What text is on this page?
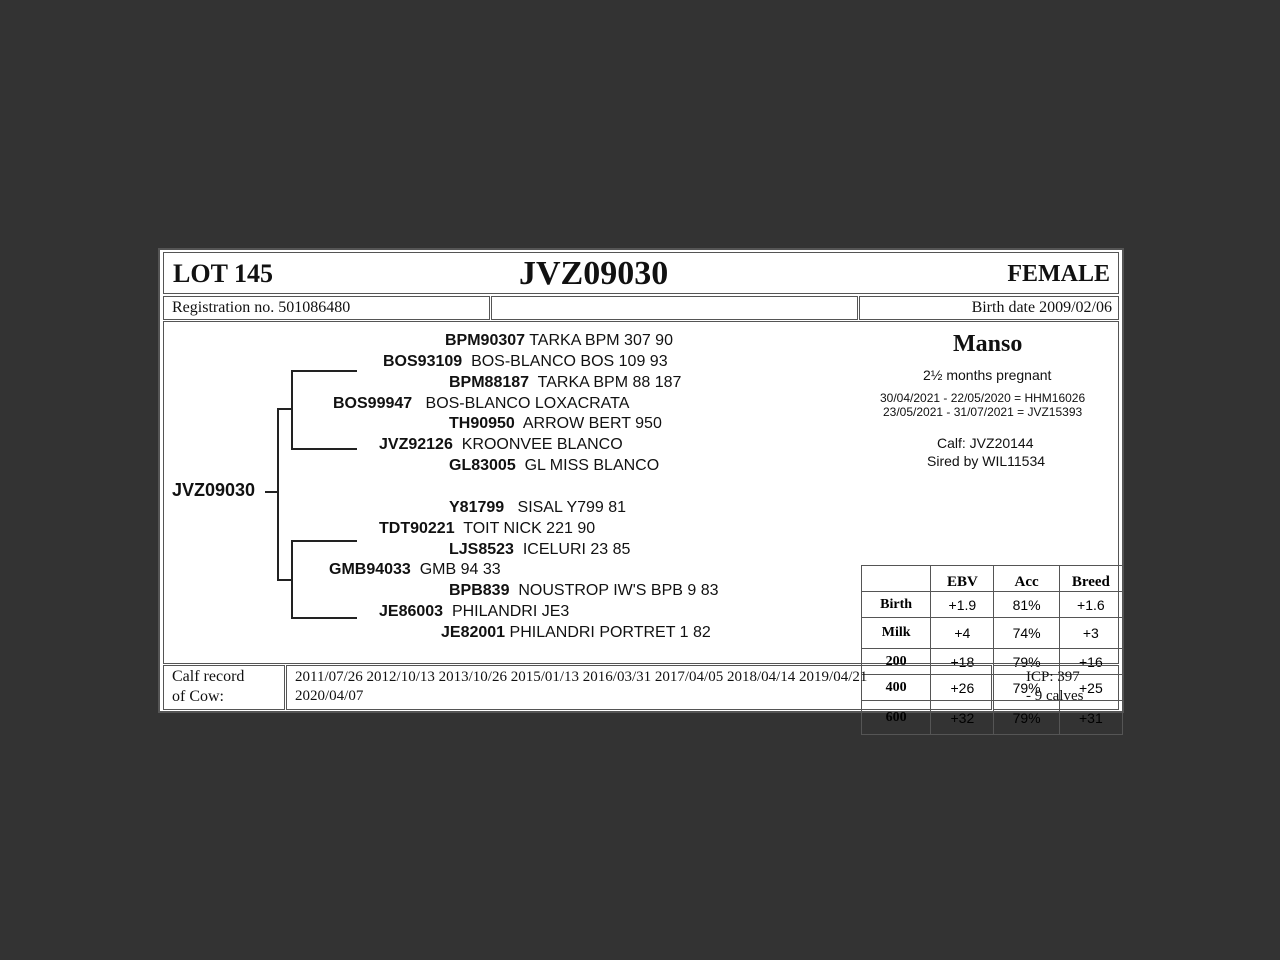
LOT 145	JVZ09030	FEMALE
Registration no. 501086480	Birth date 2009/02/06
JVZ09030
BPM90307 TARKA BPM 307 90
BOS93109 BOS-BLANCO BOS 109 93
BPM88187 TARKA BPM 88 187
BOS99947 BOS-BLANCO LOXACRATA
TH90950 ARROW BERT 950
JVZ92126 KROONVEE BLANCO
GL83005 GL MISS BLANCO
Y81799 SISAL Y799 81
TDT90221 TOIT NICK 221 90
LJS8523 ICELURI 23 85
GMB94033 GMB 94 33
BPB839 NOUSTROP IW'S BPB 9 83
JE86003 PHILANDRI JE3
JE82001 PHILANDRI PORTRET 1 82
Manso
2½ months pregnant
30/04/2021 - 22/05/2020 = HHM16026
23/05/2021 - 31/07/2021 = JVZ15393
Calf: JVZ20144
Sired by WIL11534
	EBV	Acc	Breed
Birth	+1.9	81%	+1.6
Milk	+4	74%	+3
200	+18	79%	+16
400	+26	79%	+25
600	+32	79%	+31
Calf record
of Cow:
2011/07/26 2012/10/13 2013/10/26 2015/01/13 2016/03/31 2017/04/05 2018/04/14 2019/04/21
2020/04/07
ICP: 397
- 9 calves
